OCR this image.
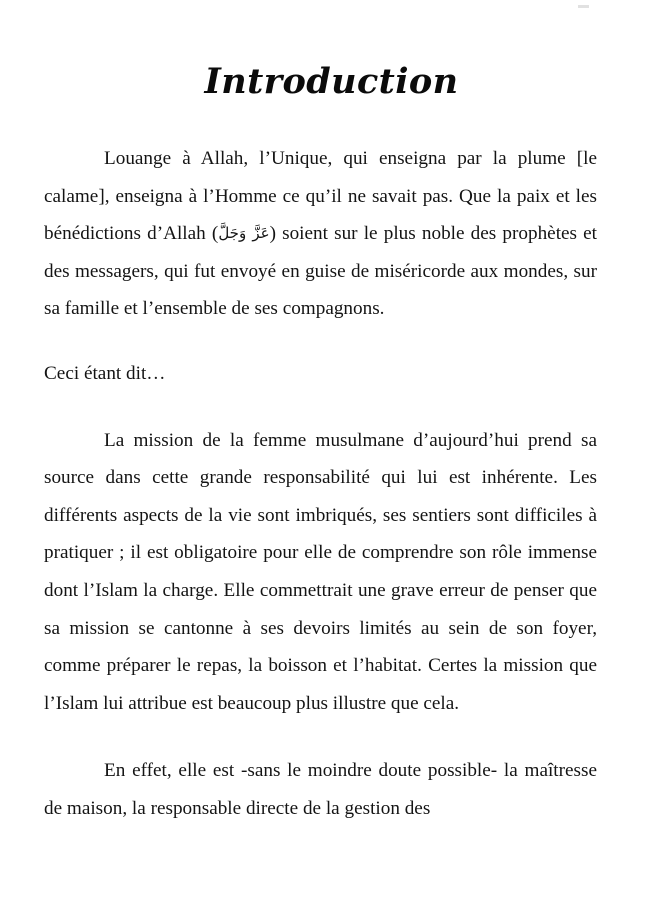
Introduction

Louange à Allah, l’Unique, qui enseigna par la plume [le calame], enseigna à l’Homme ce qu’il ne savait pas. Que la paix et les bénédictions d’Allah (عَزَّ وَجَلَّ) soient sur le plus noble des prophètes et des messagers, qui fut envoyé en guise de miséricorde aux mondes, sur sa famille et l’ensemble de ses compagnons.

Ceci étant dit…

La mission de la femme musulmane d’aujourd’hui prend sa source dans cette grande responsabilité qui lui est inhérente. Les différents aspects de la vie sont imbriqués, ses sentiers sont difficiles à pratiquer ; il est obligatoire pour elle de comprendre son rôle immense dont l’Islam la charge. Elle commettrait une grave erreur de penser que sa mission se cantonne à ses devoirs limités au sein de son foyer, comme préparer le repas, la boisson et l’habitat. Certes la mission que l’Islam lui attribue est beaucoup plus illustre que cela.

En effet, elle est -sans le moindre doute possible- la maîtresse de maison, la responsable directe de la gestion des
